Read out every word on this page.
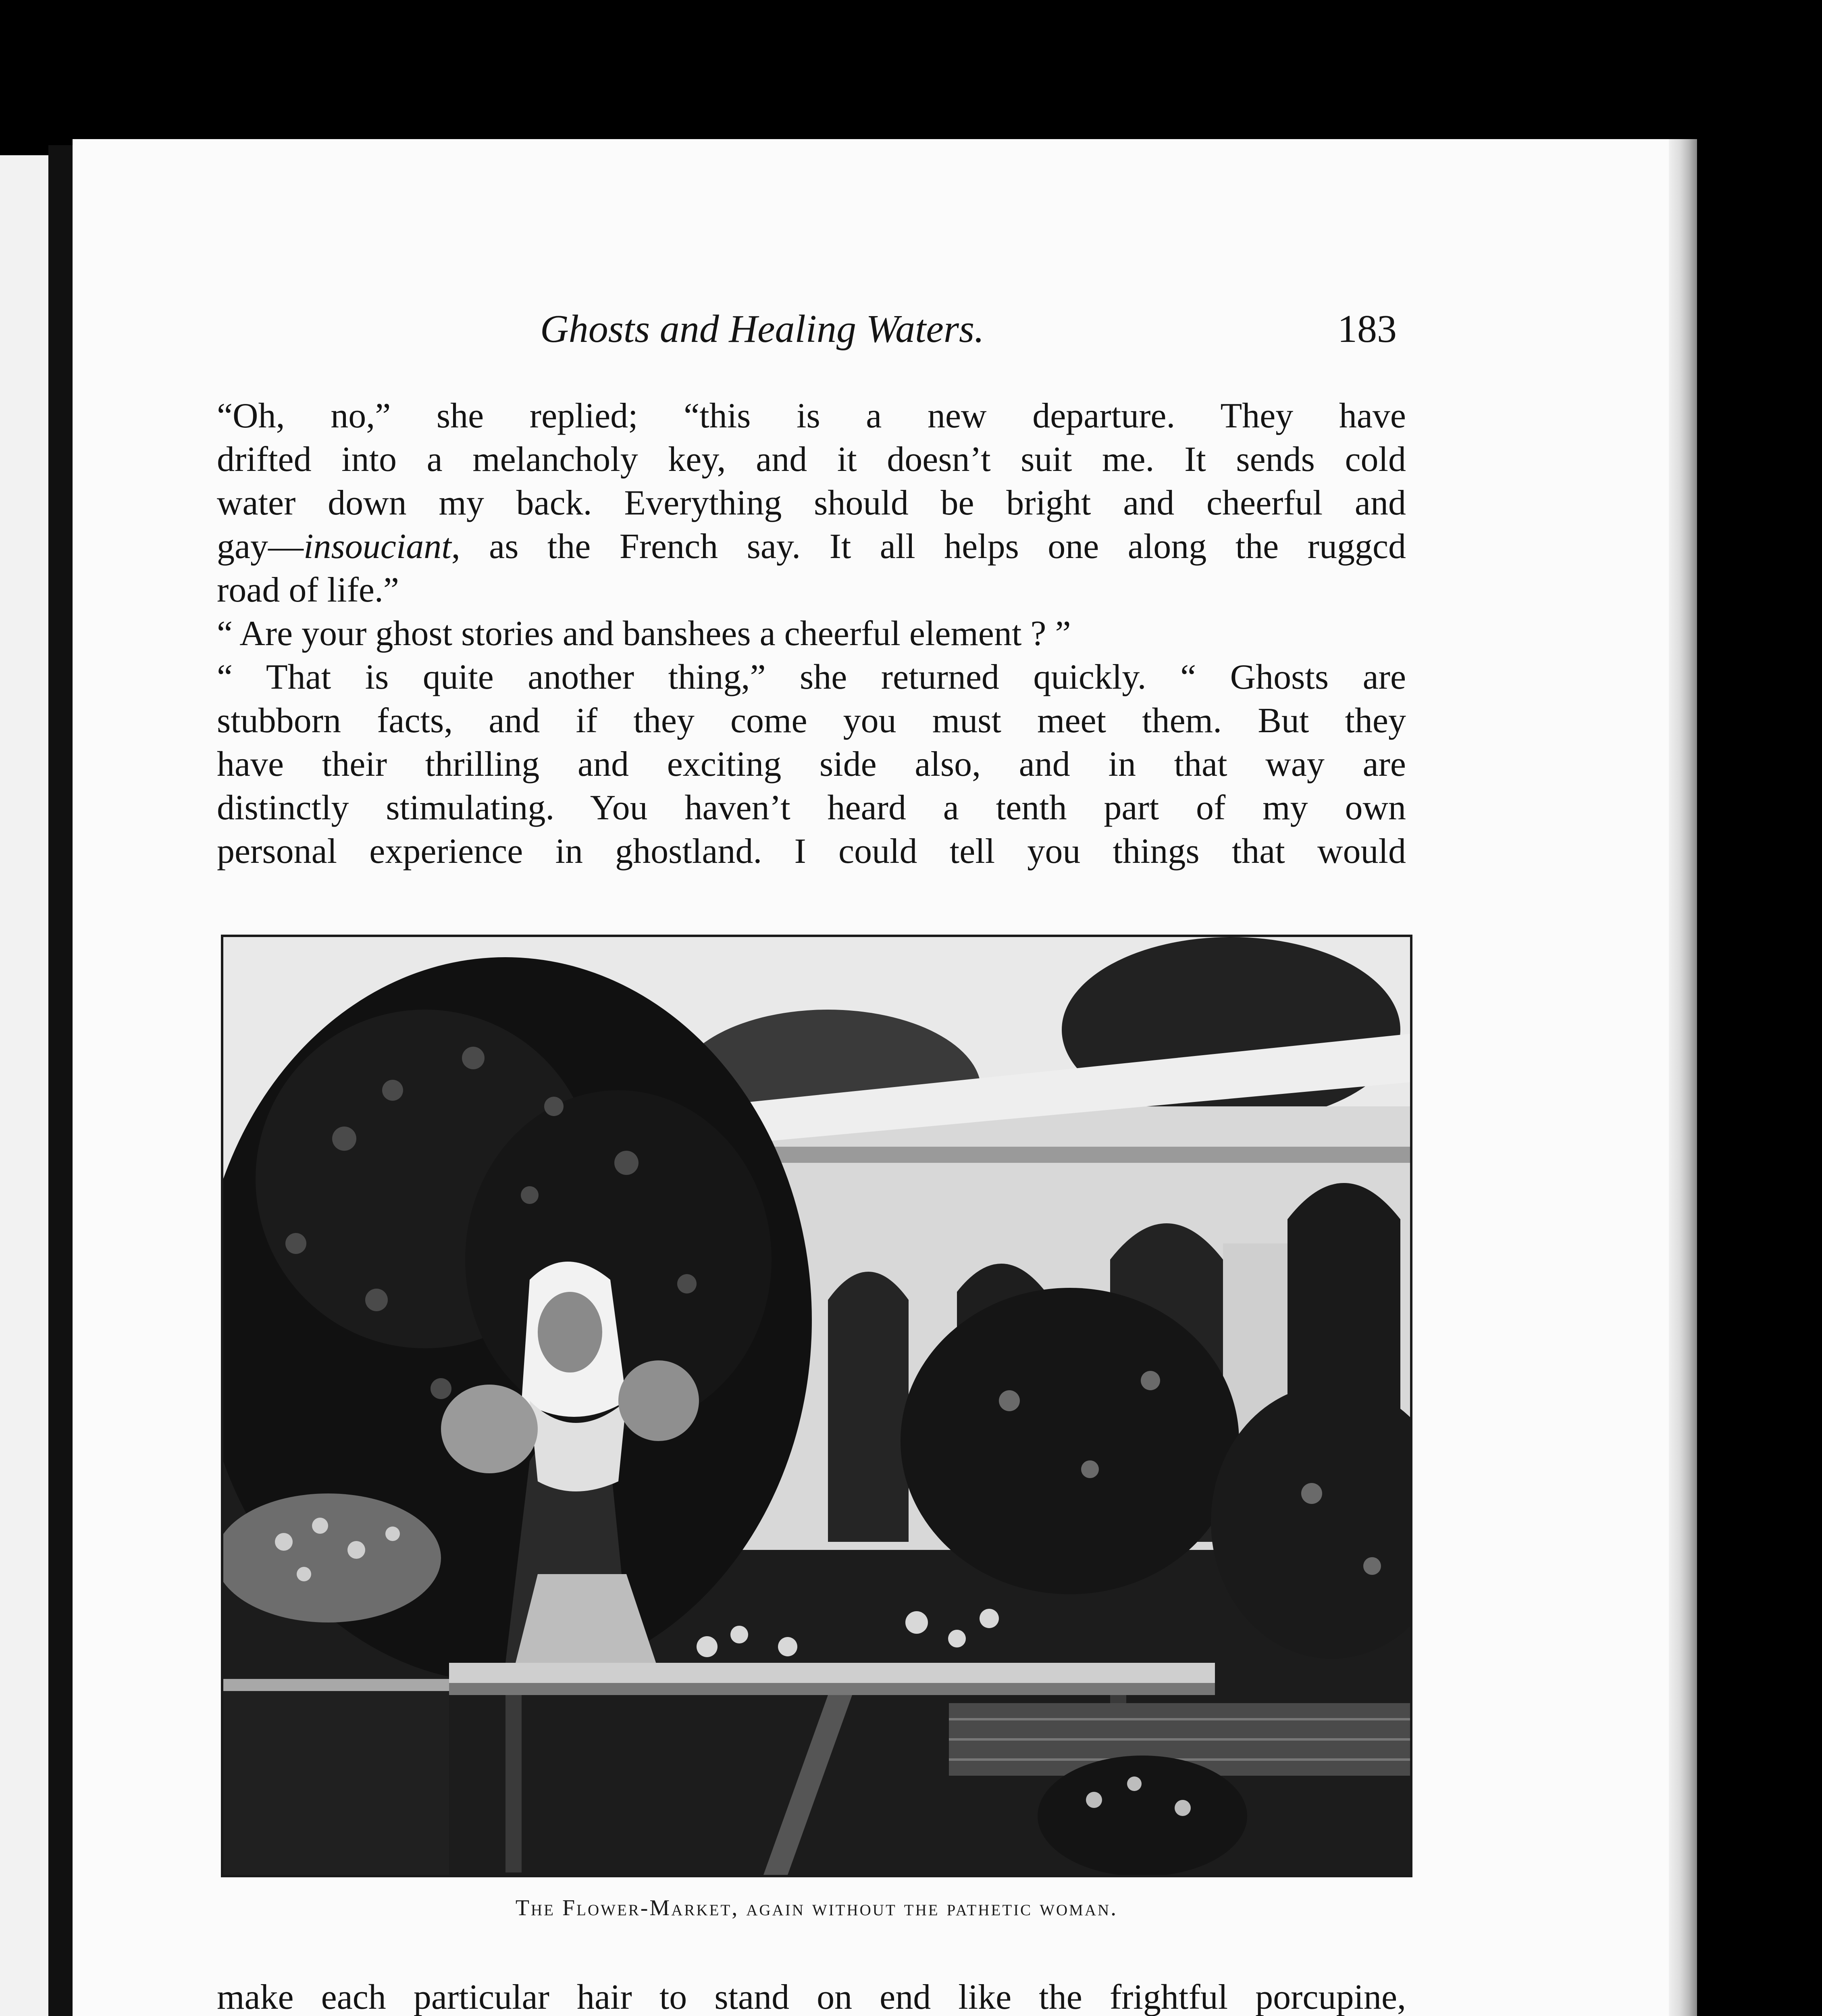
Ghosts and Healing Waters.	183
“Oh, no,” she replied; “this is a new departure. They have
drifted into a melancholy key, and it doesn’t suit me. It sends cold
water down my back. Everything should be bright and cheerful and
gay—insouciant, as the French say. It all helps one along the ruggcd
road of life.”
“ Are your ghost stories and banshees a cheerful element ? ”
“ That is quite another thing,” she returned quickly. “ Ghosts are
stubborn facts, and if they come you must meet them. But they
have their thrilling and exciting side also, and in that way are
distinctly stimulating. You haven’t heard a tenth part of my own
personal experience in ghostland. I could tell you things that would
The Flower-Market, again without the pathetic woman.
make each particular hair to stand on end like the frightful porcupine,
